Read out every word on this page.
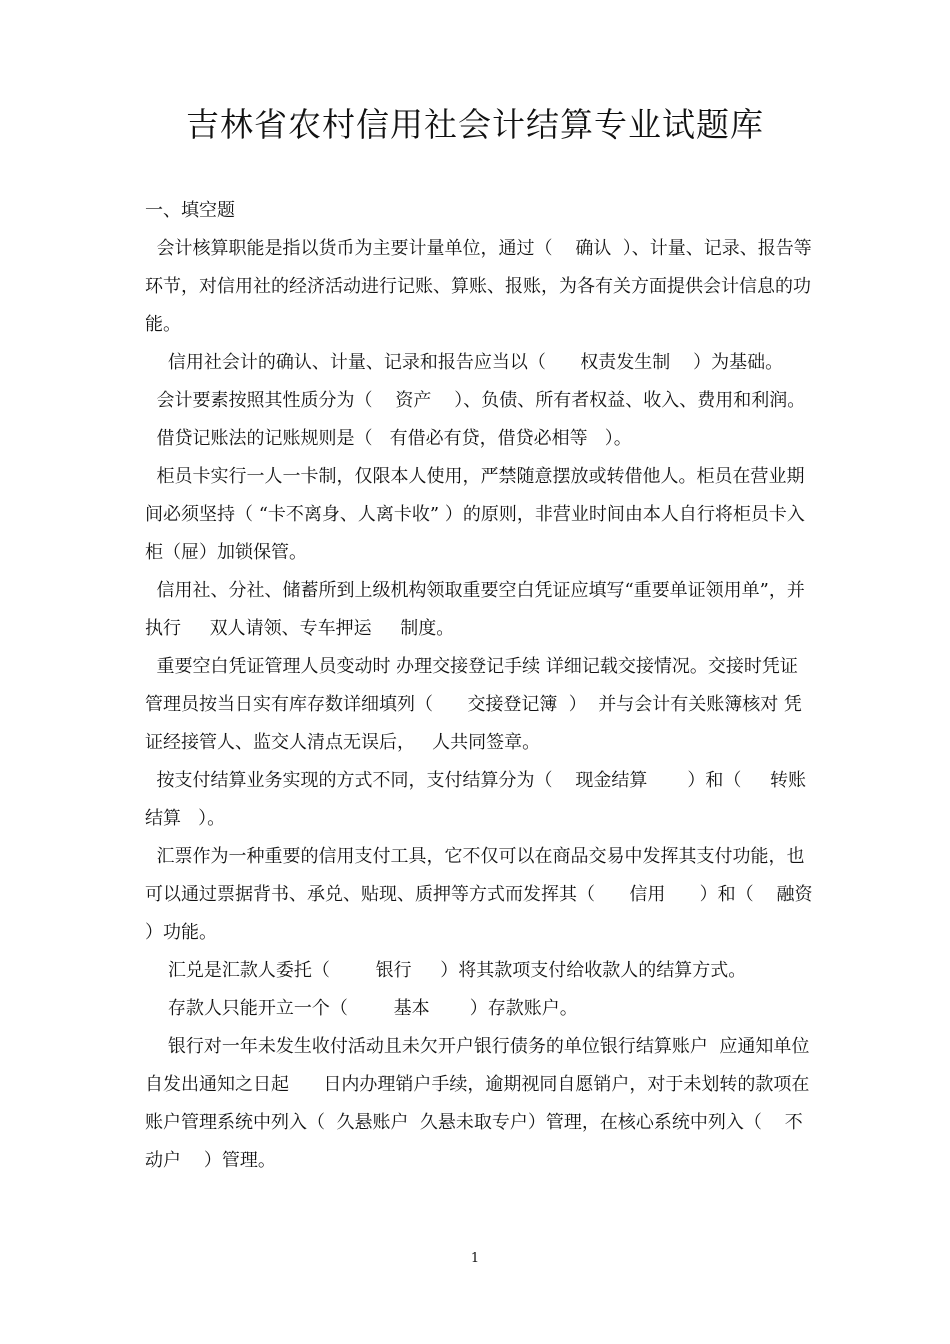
吉林省农村信用社会计结算专业试题库

一、填空题

会计核算职能是指以货币为主要计量单位，通过（    确认  ）、计量、记录、报告等环节，对信用社的经济活动进行记账、算账、报账，为各有关方面提供会计信息的功能。

信用社会计的确认、计量、记录和报告应当以（      权责发生制    ）为基础。

会计要素按照其性质分为（    资产    ）、负债、所有者权益、收入、费用和利润。

借贷记账法的记账规则是（   有借必有贷，借贷必相等   ）。

柜员卡实行一人一卡制，仅限本人使用，严禁随意摆放或转借他人。柜员在营业期间必须坚持（ “卡不离身、人离卡收” ）的原则，非营业时间由本人自行将柜员卡入柜（屉）加锁保管。

信用社、分社、储蓄所到上级机构领取重要空白凭证应填写“重要单证领用单”，并执行     双人请领、专车押运     制度。

重要空白凭证管理人员变动时 办理交接登记手续 详细记载交接情况。交接时凭证管理员按当日实有库存数详细填列（      交接登记簿  ）  并与会计有关账簿核对 凭证经接管人、监交人清点无误后，   人共同签章。

按支付结算业务实现的方式不同，支付结算分为（    现金结算       ）和（     转账结算   ）。

汇票作为一种重要的信用支付工具，它不仅可以在商品交易中发挥其支付功能，也可以通过票据背书、承兑、贴现、质押等方式而发挥其（      信用      ）和（    融资    ）功能。

汇兑是汇款人委托（        银行     ）将其款项支付给收款人的结算方式。

存款人只能开立一个（        基本       ）存款账户。

银行对一年未发生收付活动且未欠开户银行债务的单位银行结算账户  应通知单位自发出通知之日起      日内办理销户手续，逾期视同自愿销户，对于未划转的款项在账户管理系统中列入（  久悬账户  久悬未取专户）管理，在核心系统中列入（    不动户    ）管理。

1
